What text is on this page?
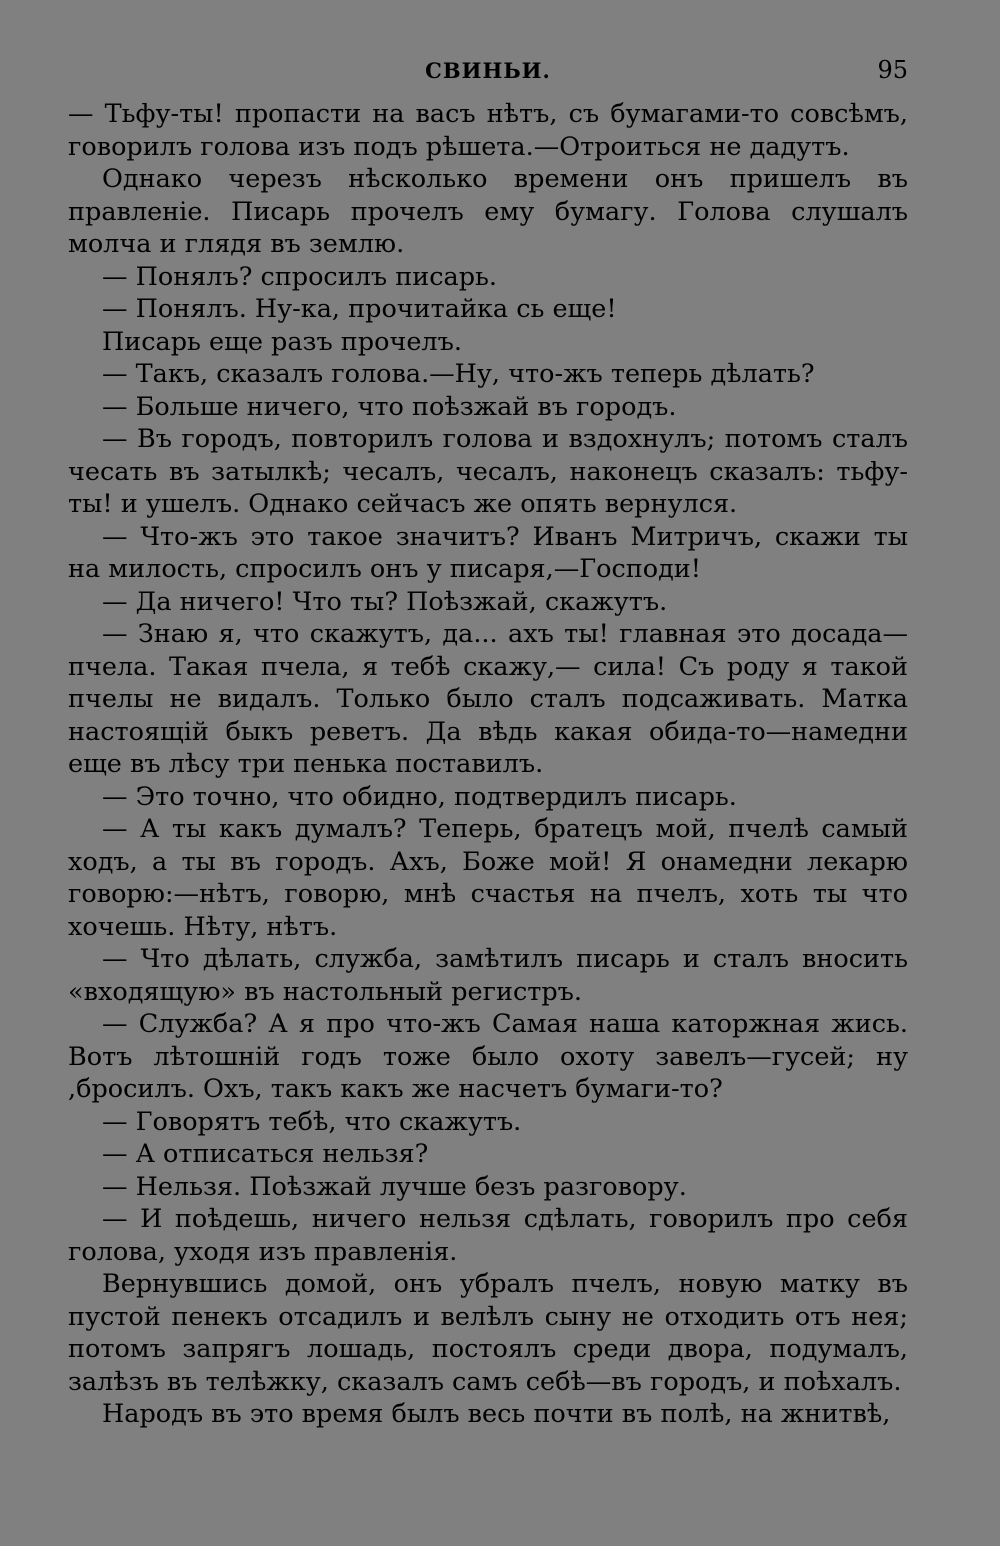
СВИНЬИ.	95

— Тьфу-ты! пропасти на васъ нѣтъ, съ бумагами-то совсѣмъ, говорилъ голова изъ подъ рѣшета.—Отроиться не дадутъ.

Однако черезъ нѣсколько времени онъ пришелъ въ правленіе. Писарь прочелъ ему бумагу. Голова слушалъ молча и глядя въ землю.

— Понялъ? спросилъ писарь.

— Понялъ. Ну-ка, прочитайка сь еще!

Писарь еще разъ прочелъ.

— Такъ, сказалъ голова.—Ну, что-жъ теперь дѣлать?

— Больше ничего, что поѣзжай въ городъ.

— Въ городъ, повторилъ голова и вздохнулъ; потомъ сталъ чесать въ затылкѣ; чесалъ, чесалъ, наконецъ сказалъ: тьфу-ты! и ушелъ. Однако сейчасъ же опять вернулся.

— Что-жъ это такое значитъ? Иванъ Митричъ, скажи ты на милость, спросилъ онъ у писаря,—Господи!

— Да ничего! Что ты? Поѣзжай, скажутъ.

— Знаю я, что скажутъ, да... ахъ ты! главная это досада—пчела. Такая пчела, я тебѣ скажу,— сила! Съ роду я такой пчелы не видалъ. Только было сталъ подсаживать. Матка настоящій быкъ реветъ. Да вѣдь какая обида-то—намедни еще въ лѣсу три пенька поставилъ.

— Это точно, что обидно, подтвердилъ писарь.

— А ты какъ думалъ? Теперь, братецъ мой, пчелѣ самый ходъ, а ты въ городъ. Ахъ, Боже мой! Я онамедни лекарю говорю:—нѣтъ, говорю, мнѣ счастья на пчелъ, хоть ты что хочешь. Нѣту, нѣтъ.

— Что дѣлать, служба, замѣтилъ писарь и сталъ вносить «входящую» въ настольный регистръ.

— Служба? А я про что-жъ Самая наша каторжная жись. Вотъ лѣтошній годъ тоже было охоту завелъ—гусей; ну ,бросилъ. Охъ, такъ какъ же насчетъ бумаги-то?

— Говорятъ тебѣ, что скажутъ.

— А отписаться нельзя?

— Нельзя. Поѣзжай лучше безъ разговору.

— И поѣдешь, ничего нельзя сдѣлать, говорилъ про себя голова, уходя изъ правленія.

Вернувшись домой, онъ убралъ пчелъ, новую матку въ пустой пенекъ отсадилъ и велѣлъ сыну не отходить отъ нея; потомъ запрягъ лошадь, постоялъ среди двора, подумалъ, залѣзъ въ телѣжку, сказалъ самъ себѣ—въ городъ, и поѣхалъ.

Народъ въ это время былъ весь почти въ полѣ, на жнитвѣ,
